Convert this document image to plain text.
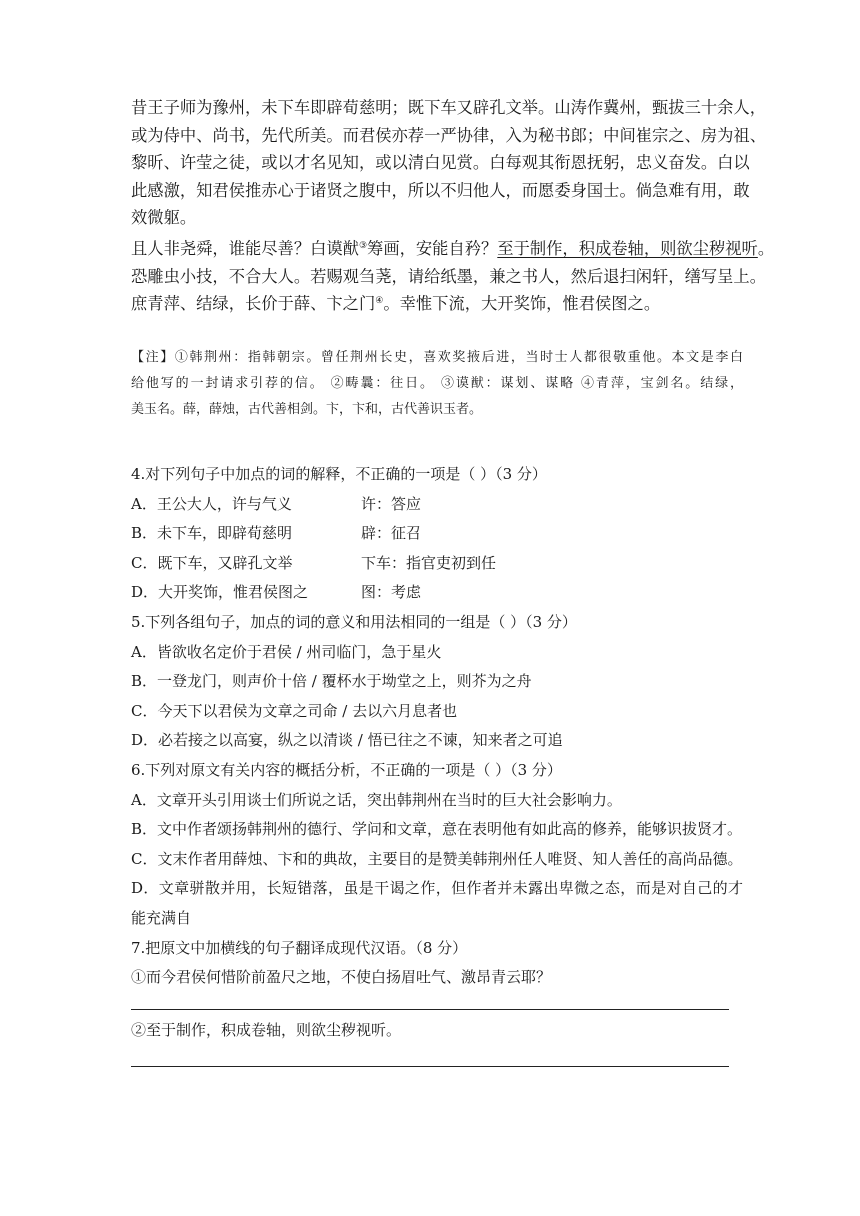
昔王子师为豫州，未下车即辟荀慈明；既下车又辟孔文举。山涛作冀州，甄拔三十余人，
或为侍中、尚书，先代所美。而君侯亦荐一严协律，入为秘书郎；中间崔宗之、房为祖、
黎昕、许莹之徒，或以才名见知，或以清白见赏。白每观其衔恩抚躬，忠义奋发。白以
此感激，知君侯推赤心于诸贤之腹中，所以不归他人，而愿委身国士。倘急难有用，敢
效微躯。
且人非尧舜，谁能尽善？白谟猷③筹画，安能自矜？至于制作，积成卷轴，则欲尘秽视听。
恐雕虫小技，不合大人。若赐观刍荛，请给纸墨，兼之书人，然后退扫闲轩，缮写呈上。
庶青萍、结绿，长价于薛、卞之门④。幸惟下流，大开奖饰，惟君侯图之。
【注】①韩荆州：指韩朝宗。曾任荆州长史，喜欢奖掖后进，当时士人都很敬重他。本文是李白
给他写的一封请求引荐的信。 ②畴曩：往日。 ③谟猷：谋划、谋略 ④青萍，宝剑名。结绿，
美玉名。薛，薛烛，古代善相剑。卞，卞和，古代善识玉者。
4.对下列句子中加点的词的解释，不正确的一项是（ ）（3 分）
A．王公大人，许与气义	许：答应
B．未下车，即辟荀慈明	辟：征召
C．既下车，又辟孔文举	下车：指官吏初到任
D．大开奖饰，惟君侯图之	图：考虑
5.下列各组句子，加点的词的意义和用法相同的一组是（ ）（3 分）
A．皆欲收名定价于君侯 / 州司临门，急于星火
B．一登龙门，则声价十倍 / 覆杯水于坳堂之上，则芥为之舟
C．今天下以君侯为文章之司命 / 去以六月息者也
D．必若接之以高宴，纵之以清谈 / 悟已往之不谏，知来者之可追
6.下列对原文有关内容的概括分析，不正确的一项是（ ）（3 分）
A．文章开头引用谈士们所说之话，突出韩荆州在当时的巨大社会影响力。
B．文中作者颂扬韩荆州的德行、学问和文章，意在表明他有如此高的修养，能够识拔贤才。
C．文末作者用薛烛、卞和的典故，主要目的是赞美韩荆州任人唯贤、知人善任的高尚品德。
D．文章骈散并用，长短错落，虽是干谒之作，但作者并未露出卑微之态，而是对自己的才
能充满自
7.把原文中加横线的句子翻译成现代汉语。（8 分）
①而今君侯何惜阶前盈尺之地，不使白扬眉吐气、激昂青云耶？
②至于制作，积成卷轴，则欲尘秽视听。
